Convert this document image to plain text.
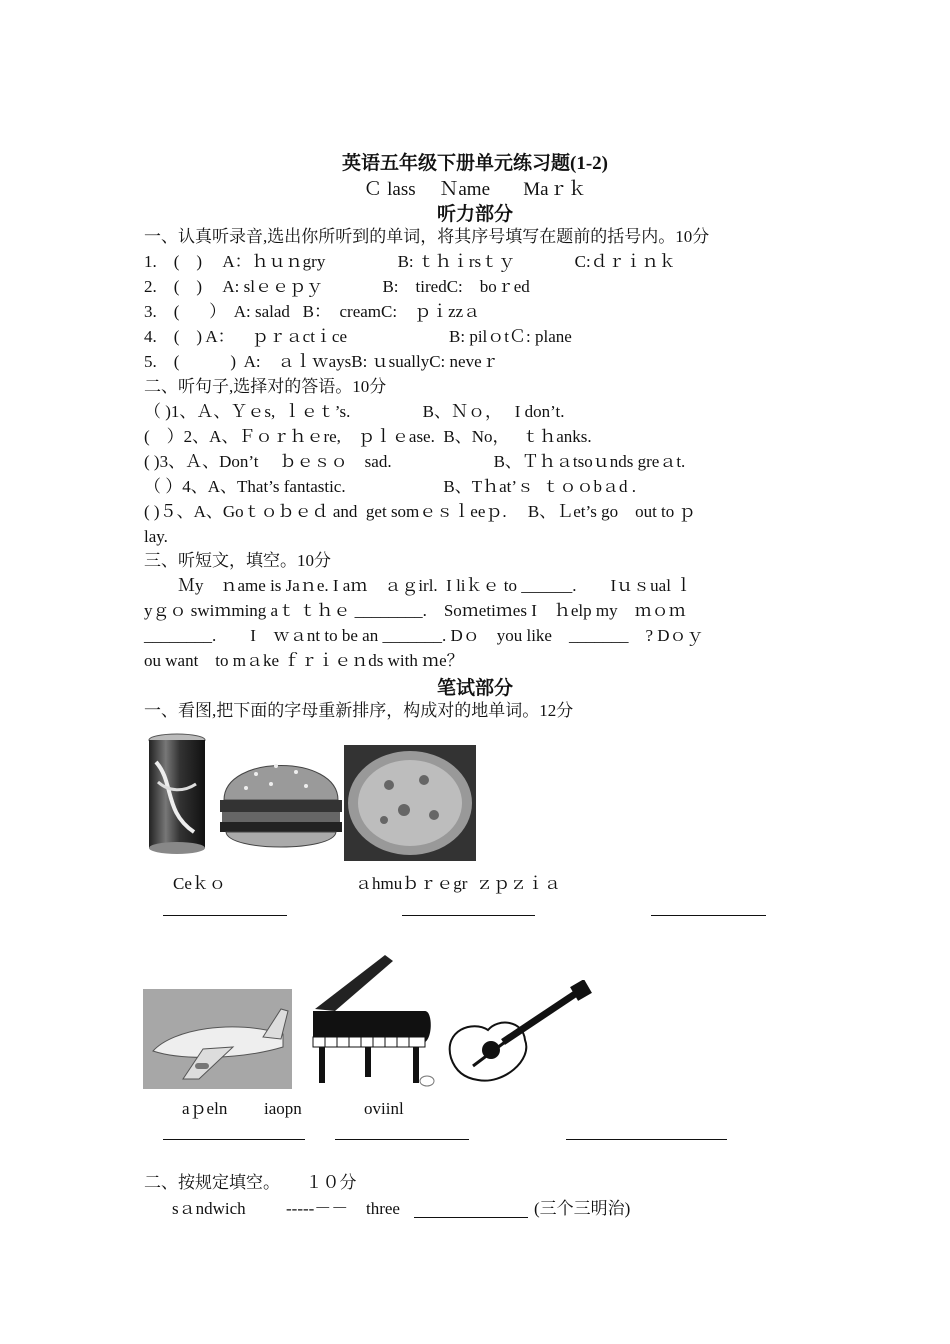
英语五年级下册单元练习题(1-2)
Ｃ lass     Ｎame       Maｒｋ
听力部分
一、认真听录音,选出你所听到的单词，将其序号填写在题前的括号内。10分
1.    (    )     A：ｈｕｎgry                 B: ｔｈｉrsｔｙ              C:ｄｒｉｎｋ
2.    (    )     A: slｅｅｐｙ              B:    tiredC:    boｒed
3.    (       ）  A: salad   B：  creamC:    ｐｉzzａ
4.    (    ) A：    ｐｒａctｉce                        B: pilｏtＣ: plane
5.    (            )  A:    ａｌｗaysB: ｕsuallyC: neveｒ
二、听句子,选择对的答语。10分
（ )1、Ａ、Ｙｅs,  ｌｅｔ’s.                 B、Ｎｏ，   I don’t.
(    ）2、A、Ｆｏｒｈｅre,    ｐｌｅase.  B、No，   ｔｈanks.
( )3、Ａ、Don’t     ｂｅｓｏ    sad.                        B、Ｔｈａtsoｕnds greａt.
（ ）4、A、That’s fantastic.                       B、Tｈat’ｓ  ｔｏｏbａd .
( )５、A、Goｔｏｂｅｄ and  get somｅｓｌeeｐ.     B、Ｌet’s go    out to ｐ
lay.
三、听短文，填空。10分
Ｍy    ｎame is Jaｎe. I aｍ    ａｇirl.  I liｋｅ to ______.        Iｕｓual ｌ
yｇｏ swiｍming aｔ ｔｈｅ ________.    Soｍetiｍes I    ｈelp my    ｍｏｍ
________.        I    ｗａnt to be an _______. Dｏ    you like    _______    ? Dｏｙ
ou want    to mａke ｆｒｉｅｎds with ｍe？
笔试部分
一、看图,把下面的字母重新排序，构成对的地单词。12分
Ceｋｏ	ａhmuｂｒｅgr  ｚｐｚｉａ
aｐeln iaopn	oviinl
二、按规定填空。      １０分
sａndwich -----－－ three	(三个三明治)
